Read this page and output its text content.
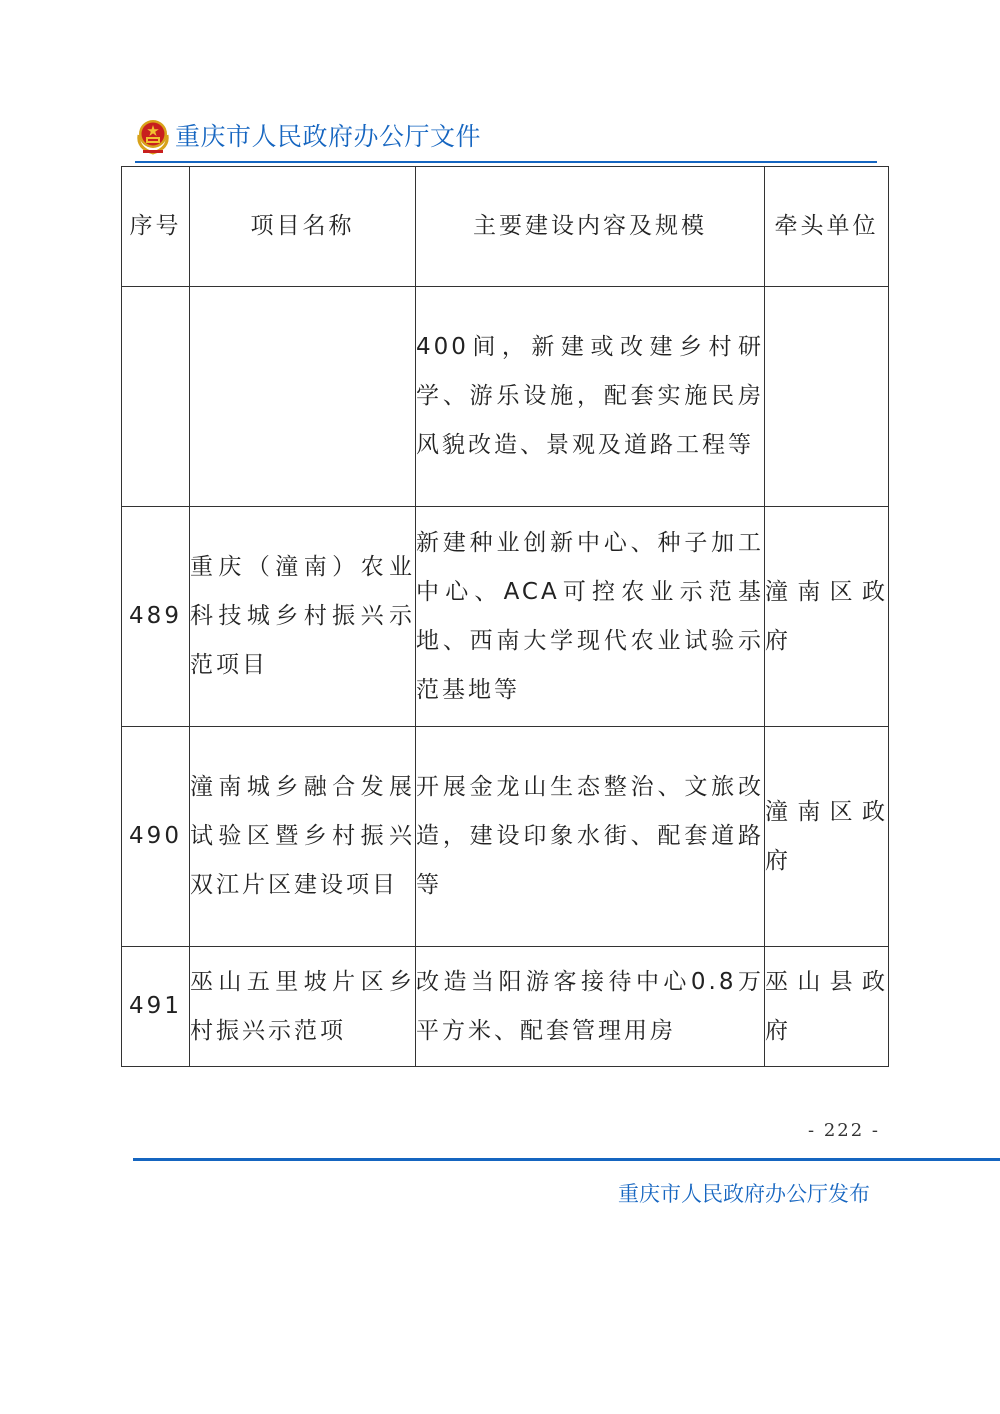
重庆市人民政府办公厅文件
序号	项目名称	主要建设内容及规模	牵头单位
		400间，新建或改建乡村研学、游乐设施，配套实施民房风貌改造、景观及道路工程等	
489	重庆（潼南）农业科技城乡村振兴示范项目	新建种业创新中心、种子加工中心、ACA可控农业示范基地、西南大学现代农业试验示范基地等	潼南区政府
490	潼南城乡融合发展试验区暨乡村振兴双江片区建设项目	开展金龙山生态整治、文旅改造，建设印象水街、配套道路等	潼南区政府
491	巫山五里坡片区乡村振兴示范项	改造当阳游客接待中心0.8万平方米、配套管理用房	巫山县政府
- 222 -
重庆市人民政府办公厅发布
